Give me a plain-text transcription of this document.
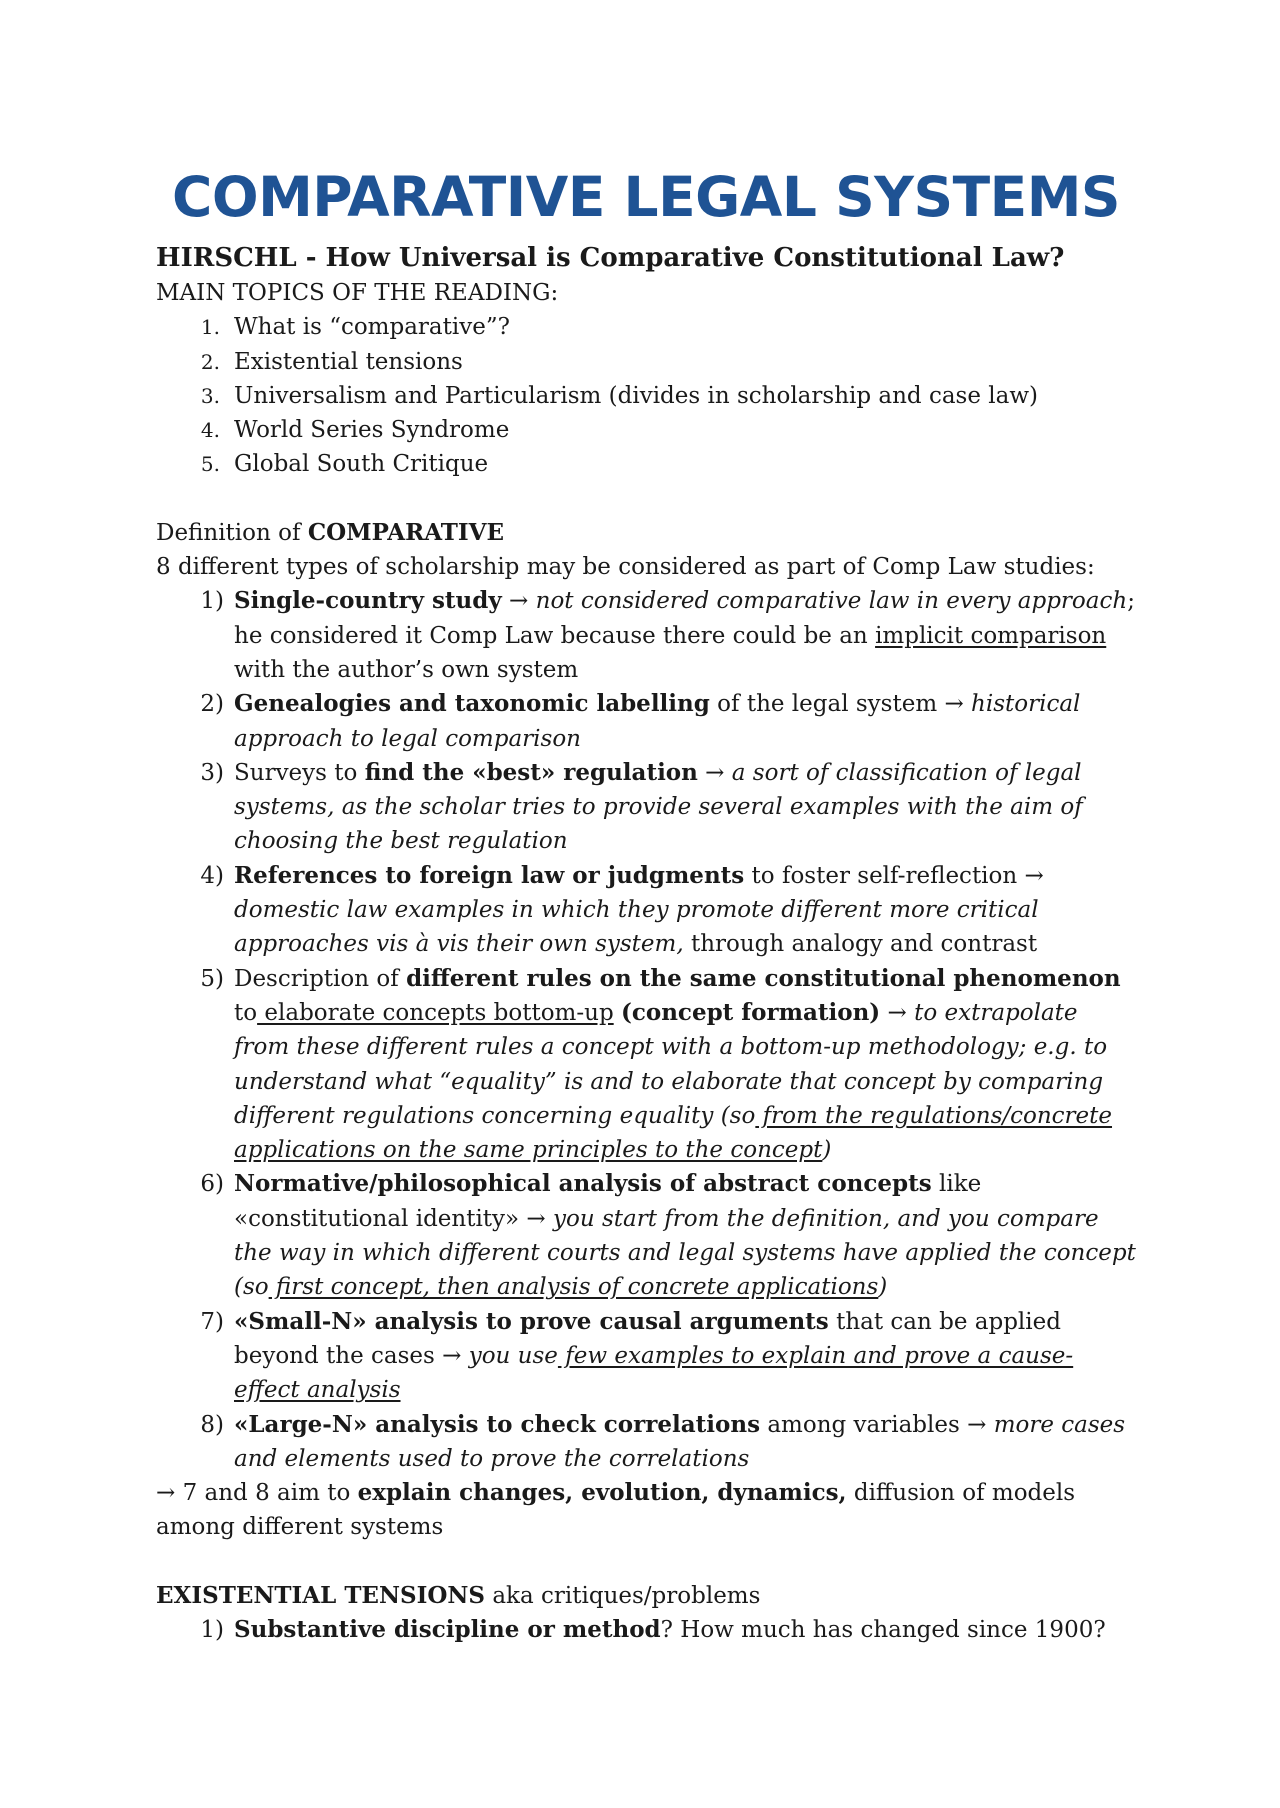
COMPARATIVE LEGAL SYSTEMS
HIRSCHL - How Universal is Comparative Constitutional Law?
MAIN TOPICS OF THE READING:
1. What is “comparative”?
2. Existential tensions
3. Universalism and Particularism (divides in scholarship and case law)
4. World Series Syndrome
5. Global South Critique
Definition of COMPARATIVE
8 different types of scholarship may be considered as part of Comp Law studies:
1) Single-country study → not considered comparative law in every approach; he considered it Comp Law because there could be an implicit comparison with the author’s own system
2) Genealogies and taxonomic labelling of the legal system → historical approach to legal comparison
3) Surveys to find the «best» regulation → a sort of classification of legal systems, as the scholar tries to provide several examples with the aim of choosing the best regulation
4) References to foreign law or judgments to foster self-reflection → domestic law examples in which they promote different more critical approaches vis à vis their own system, through analogy and contrast
5) Description of different rules on the same constitutional phenomenon to elaborate concepts bottom-up (concept formation) → to extrapolate from these different rules a concept with a bottom-up methodology; e.g. to understand what “equality” is and to elaborate that concept by comparing different regulations concerning equality (so from the regulations/concrete applications on the same principles to the concept)
6) Normative/philosophical analysis of abstract concepts like «constitutional identity» → you start from the definition, and you compare the way in which different courts and legal systems have applied the concept (so first concept, then analysis of concrete applications)
7) «Small-N» analysis to prove causal arguments that can be applied beyond the cases → you use few examples to explain and prove a cause-effect analysis
8) «Large-N» analysis to check correlations among variables → more cases and elements used to prove the correlations
→ 7 and 8 aim to explain changes, evolution, dynamics, diffusion of models among different systems
EXISTENTIAL TENSIONS aka critiques/problems
1) Substantive discipline or method? How much has changed since 1900?
